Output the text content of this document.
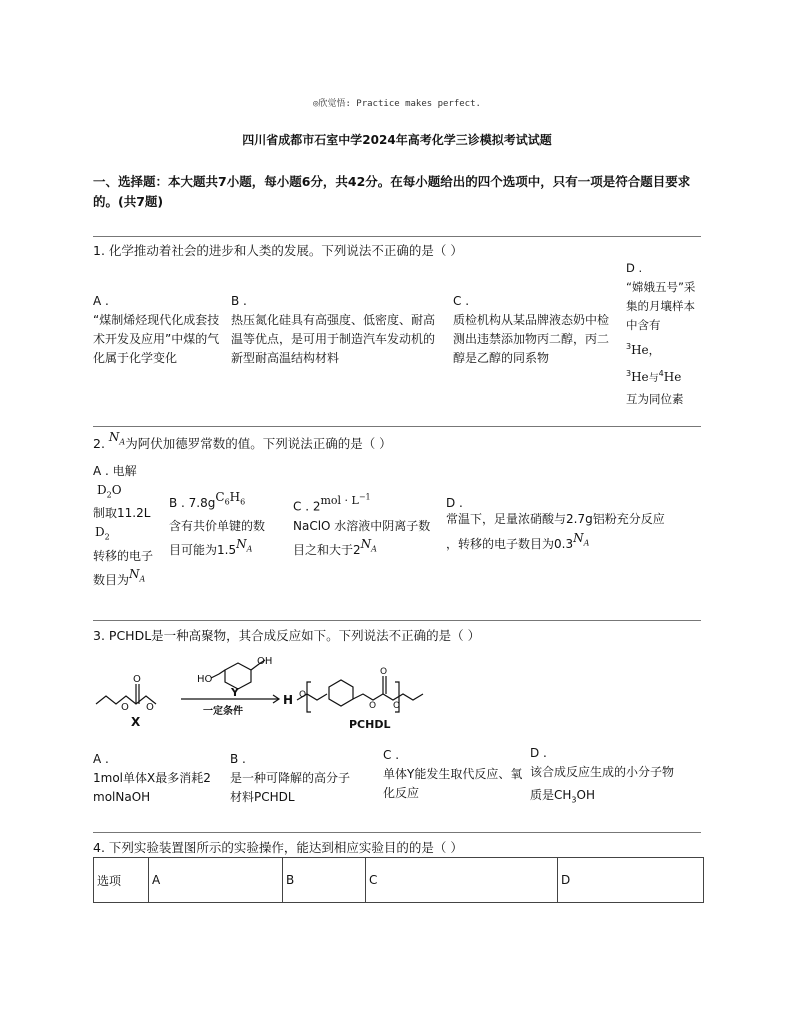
◎欣觉悟: Practice makes perfect.
四川省成都市石室中学2024年高考化学三诊模拟考试试题
一、选择题：本大题共7小题，每小题6分，共42分。在每小题给出的四个选项中，只有一项是符合题目要求的。(共7题)
1. 化学推动着社会的进步和人类的发展。下列说法不正确的是（ ）
A .
“煤制烯烃现代化成套技术开发及应用”中煤的气化属于化学变化
B .
热压氮化硅具有高强度、低密度、耐高温等优点，是可用于制造汽车发动机的新型耐高温结构材料
C .
质检机构从某品牌液态奶中检测出违禁添加物丙二醇，丙二醇是乙醇的同系物
D .
“嫦娥五号”采集的月壤样本中含有
$^3$He，
$^3$He与$^4$He
互为同位素
2. $N_A$为阿伏加德罗常数的值。下列说法正确的是（ ）
A . 电解
$D_2O$
制取11.2L
$D_2$
转移的电子
数目为$N_A$
B . $7.8gC_6H_6$
含有共价单键的数
目可能为$1.5N_A$
C . $2mol \cdot L^{-1}$
NaClO 水溶液中阴离子数
目之和大于$2N_A$
D .
常温下，足量浓硝酸与2.7g铝粉充分反应
，转移的电子数目为$0.3N_A$
3. PCHDL是一种高聚物，其合成反应如下。下列说法不正确的是（ ）
O O
O
X
OH
HO
Y
一定条件
H O
O O
O
PCHDL
A .
1mol单体X最多消耗2 molNaOH
B .
是一种可降解的高分子材料PCHDL
C .
单体Y能发生取代反应、氧化反应
D .
该合成反应生成的小分子物
质是$CH_3OH$
4. 下列实验装置图所示的实验操作，能达到相应实验目的的是（ ）
选项	A	B	C	D
